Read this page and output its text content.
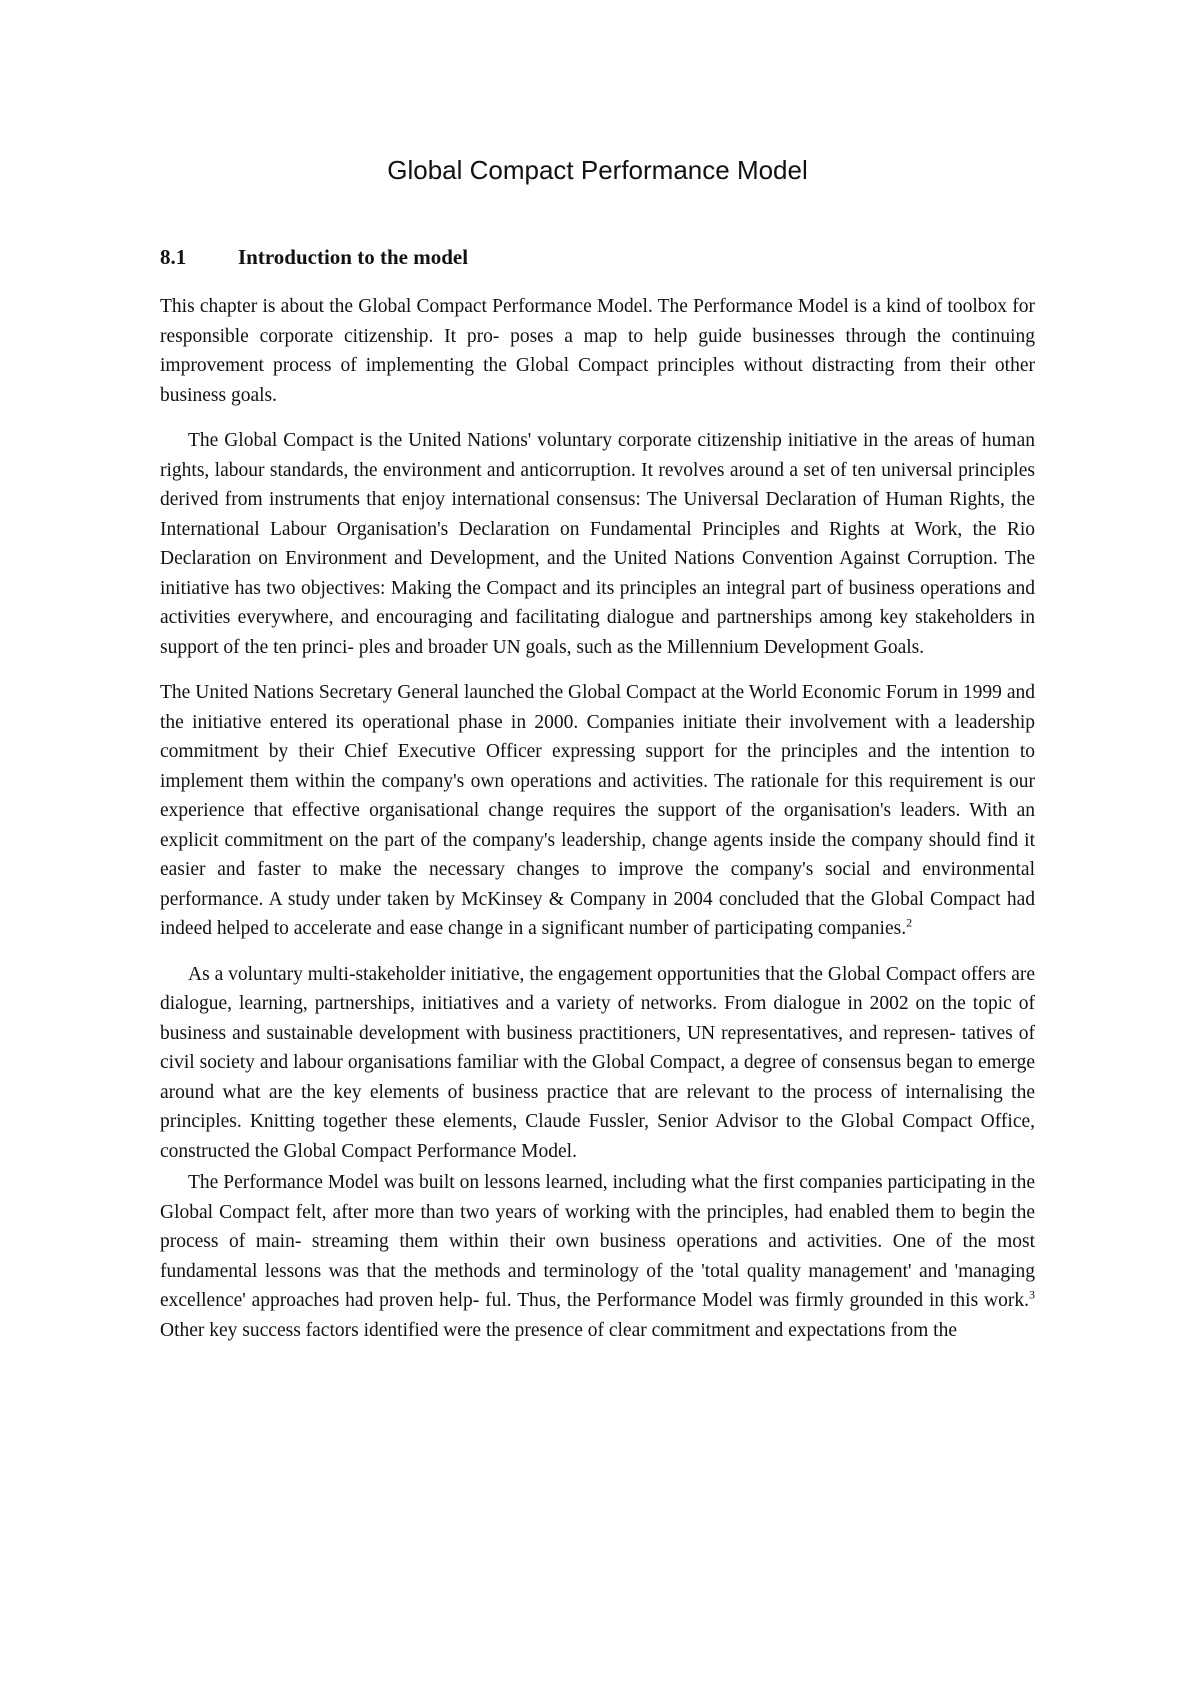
Global Compact Performance Model
8.1 Introduction to the model

This chapter is about the Global Compact Performance Model. The Performance Model is a kind of toolbox for responsible corporate citizenship. It pro- poses a map to help guide businesses through the continuing improvement process of implementing the Global Compact principles without distracting from their other business goals.

The Global Compact is the United Nations' voluntary corporate citizenship initiative in the areas of human rights, labour standards, the environment and anticorruption. It revolves around a set of ten universal principles derived from instruments that enjoy international consensus: The Universal Declaration of Human Rights, the International Labour Organisation's Declaration on Fundamental Principles and Rights at Work, the Rio Declaration on Environment and Development, and the United Nations Convention Against Corruption. The initiative has two objectives: Making the Compact and its principles an integral part of business operations and activities everywhere, and encouraging and facilitating dialogue and partnerships among key stakeholders in support of the ten princi- ples and broader UN goals, such as the Millennium Development Goals.

The United Nations Secretary General launched the Global Compact at the World Economic Forum in 1999 and the initiative entered its operational phase in 2000. Companies initiate their involvement with a leadership commitment by their Chief Executive Officer expressing support for the principles and the intention to implement them within the company's own operations and activities. The rationale for this requirement is our experience that effective organisational change requires the support of the organisation's leaders. With an explicit commitment on the part of the company's leadership, change agents inside the company should find it easier and faster to make the necessary changes to improve the company's social and environmental performance. A study under taken by McKinsey & Company in 2004 concluded that the Global Compact had indeed helped to accelerate and ease change in a significant number of participating companies.$^2$

As a voluntary multi-stakeholder initiative, the engagement opportunities that the Global Compact offers are dialogue, learning, partnerships, initiatives and a variety of networks. From dialogue in 2002 on the topic of business and sustainable development with business practitioners, UN representatives, and represen- tatives of civil society and labour organisations familiar with the Global Compact, a degree of consensus began to emerge around what are the key elements of business practice that are relevant to the process of internalising the principles. Knitting together these elements, Claude Fussler, Senior Advisor to the Global Compact Office, constructed the Global Compact Performance Model.

The Performance Model was built on lessons learned, including what the first companies participating in the Global Compact felt, after more than two years of working with the principles, had enabled them to begin the process of main- streaming them within their own business operations and activities. One of the most fundamental lessons was that the methods and terminology of the 'total quality management' and 'managing excellence' approaches had proven help- ful. Thus, the Performance Model was firmly grounded in this work.$^3$ Other key success factors identified were the presence of clear commitment and expectations from the
